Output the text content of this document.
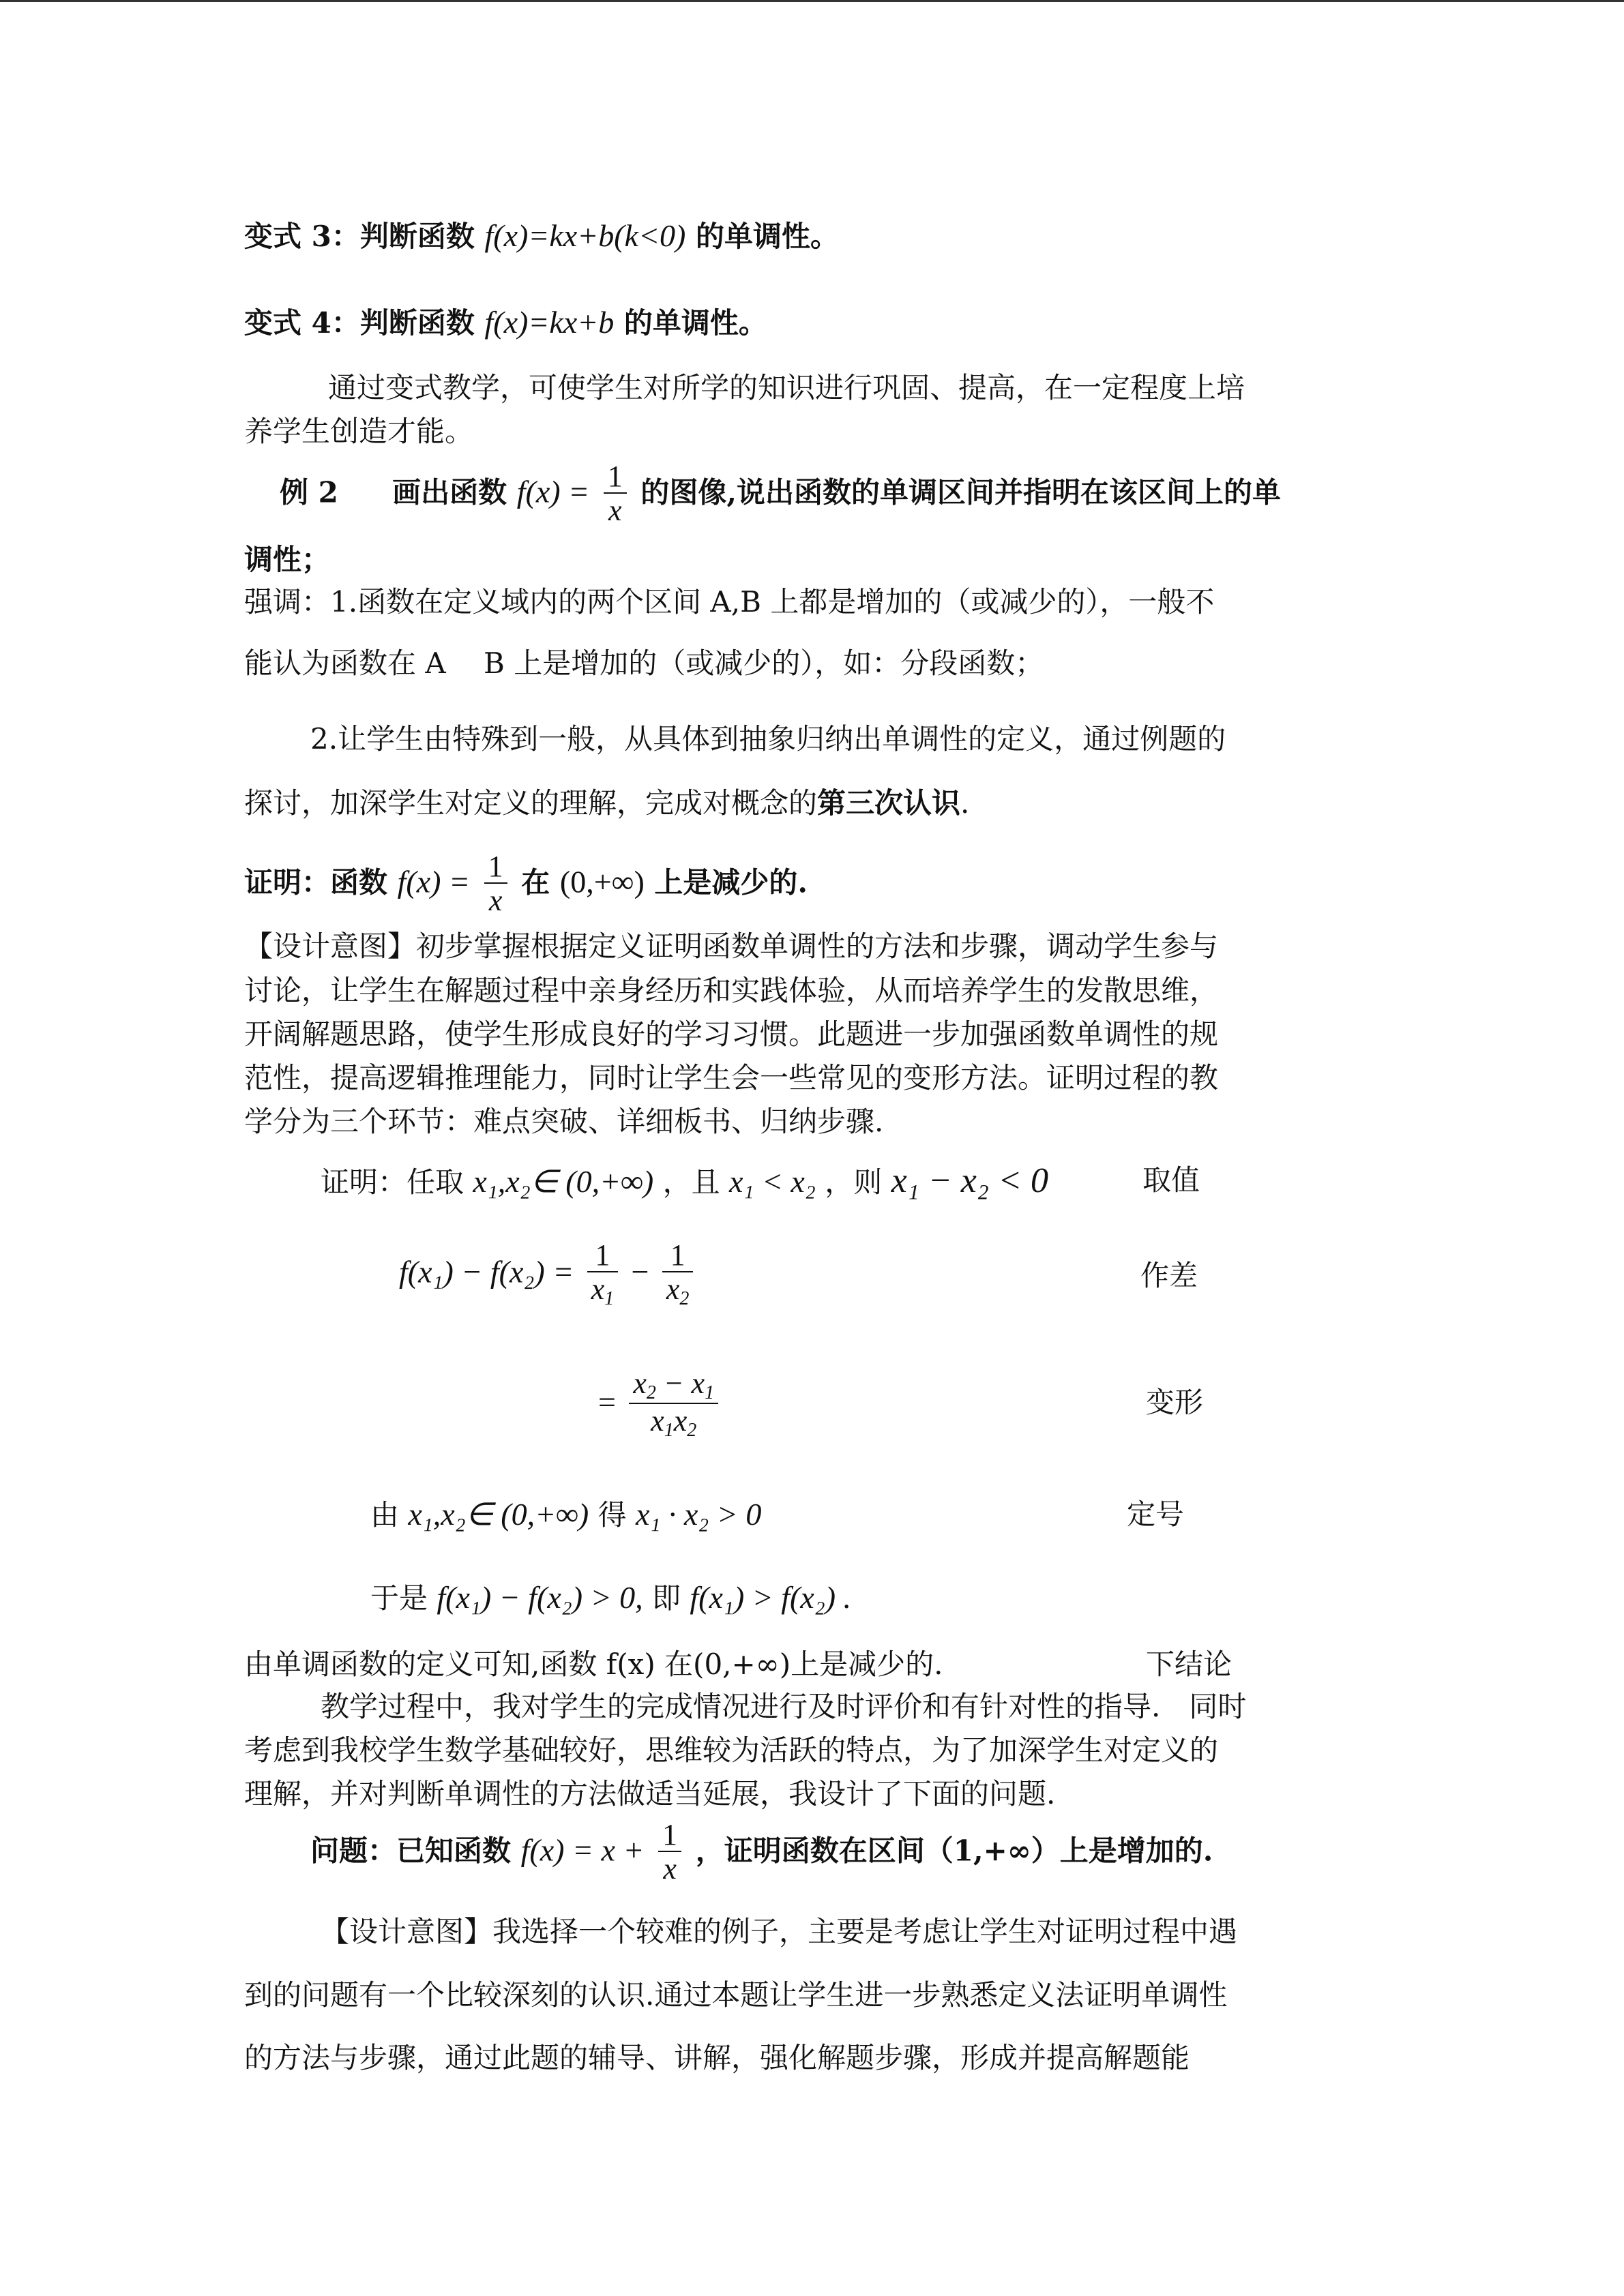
变式 3：判断函数 f(x)=kx+b(k<0) 的单调性。
变式 4：判断函数 f(x)=kx+b 的单调性。
通过变式教学，可使学生对所学的知识进行巩固、提高，在一定程度上培
养学生创造才能。
例 2 画出函数 $f(x) = \frac{1}{x}$ 的图像,说出函数的单调区间并指明在该区间上的单
调性；
强调：1.函数在定义域内的两个区间 A,B 上都是增加的（或减少的），一般不
能认为函数在 A　 B 上是增加的（或减少的），如：分段函数；
2.让学生由特殊到一般，从具体到抽象归纳出单调性的定义，通过例题的
探讨，加深学生对定义的理解，完成对概念的第三次认识.
证明：函数 $f(x) = \frac{1}{x}$ 在 (0,+∞) 上是减少的.
【设计意图】初步掌握根据定义证明函数单调性的方法和步骤，调动学生参与
讨论，让学生在解题过程中亲身经历和实践体验，从而培养学生的发散思维，
开阔解题思路，使学生形成良好的学习习惯。此题进一步加强函数单调性的规
范性，提高逻辑推理能力，同时让学生会一些常见的变形方法。证明过程的教
学分为三个环节：难点突破、详细板书、归纳步骤.
证明：任取 x₁,x₂∈ (0,+∞) ，且 x₁ < x₂ ，则 x₁ − x₂ < 0	取值
$f(x_1) - f(x_2) = \frac{1}{x_1} - \frac{1}{x_2}$	作差
= $\frac{x_2 - x_1}{x_1x_2}$	变形
由 x₁,x₂∈ (0,+∞) 得 x₁ · x₂ > 0	定号
于是 f(x₁) − f(x₂) > 0, 即 f(x₁) > f(x₂) .
由单调函数的定义可知,函数 f(x) 在(0,+∞)上是减少的.	下结论
教学过程中，我对学生的完成情况进行及时评价和有针对性的指导.　同时
考虑到我校学生数学基础较好，思维较为活跃的特点，为了加深学生对定义的
理解，并对判断单调性的方法做适当延展，我设计了下面的问题.
问题：已知函数 $f(x) = x + \frac{1}{x}$ ，证明函数在区间（1,+∞）上是增加的.
【设计意图】我选择一个较难的例子，主要是考虑让学生对证明过程中遇
到的问题有一个比较深刻的认识.通过本题让学生进一步熟悉定义法证明单调性
的方法与步骤，通过此题的辅导、讲解，强化解题步骤，形成并提高解题能
